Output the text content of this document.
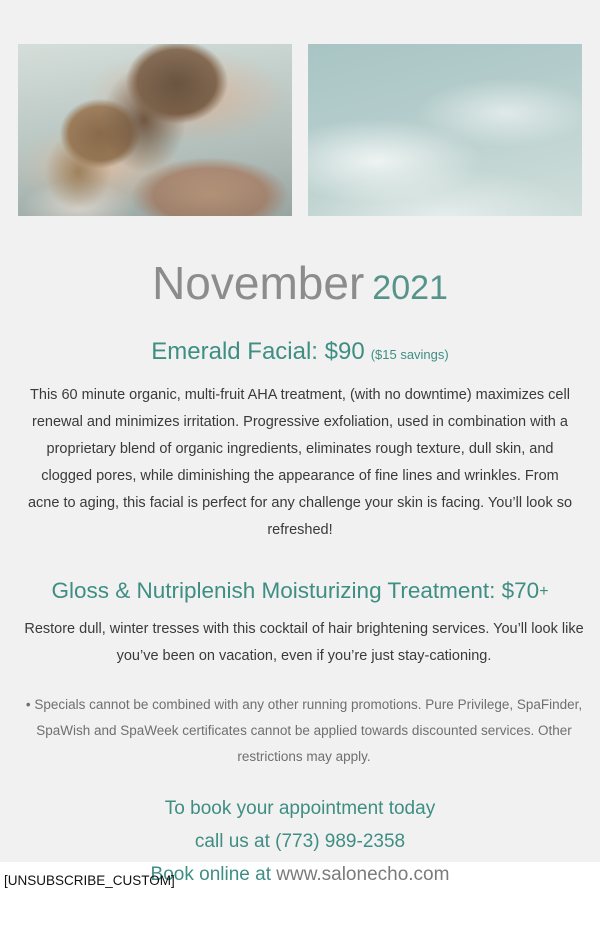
November 2021
Emerald Facial: $90 ($15 savings)

This 60 minute organic, multi-fruit AHA treatment, (with no downtime) maximizes cell renewal and minimizes irritation. Progressive exfoliation, used in combination with a proprietary blend of organic ingredients, eliminates rough texture, dull skin, and clogged pores, while diminishing the appearance of fine lines and wrinkles. From acne to aging, this facial is perfect for any challenge your skin is facing. You’ll look so refreshed!

Gloss & Nutriplenish Moisturizing Treatment: $70+

Restore dull, winter tresses with this cocktail of hair brightening services. You’ll look like you’ve been on vacation, even if you’re just stay-cationing.

• Specials cannot be combined with any other running promotions. Pure Privilege, SpaFinder, SpaWish and SpaWeek certificates cannot be applied towards discounted services. Other restrictions may apply.

To book your appointment today
call us at (773) 989-2358
Book online at www.salonecho.com
[UNSUBSCRIBE_CUSTOM]
